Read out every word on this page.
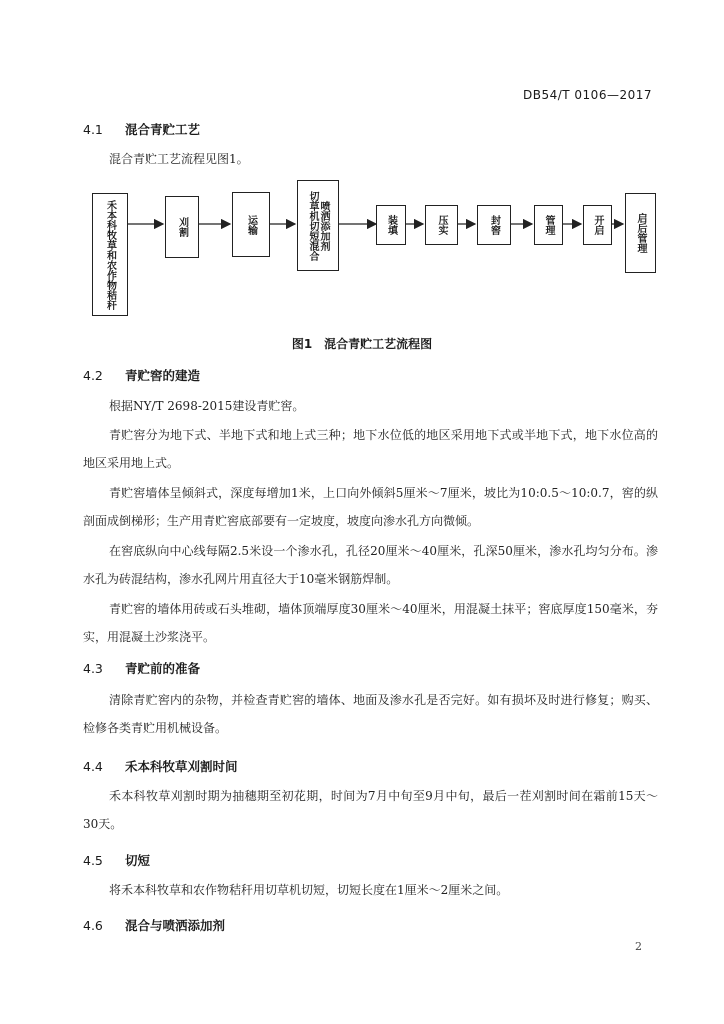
DB54/T 0106—2017
4.1 混合青贮工艺
混合青贮工艺流程见图1。
禾本科牧草和农作物秸秆	刈割	运输	切草机切短混合 喷洒添加剂	装填	压实	封窖	管理	开启	启后管理
图1　混合青贮工艺流程图
4.2 青贮窖的建造
根据NY/T 2698-2015建设青贮窖。
青贮窖分为地下式、半地下式和地上式三种；地下水位低的地区采用地下式或半地下式，地下水位高的地区采用地上式。
青贮窖墙体呈倾斜式，深度每增加1米，上口向外倾斜5厘米～7厘米，坡比为10:0.5～10:0.7，窖的纵剖面成倒梯形；生产用青贮窖底部要有一定坡度，坡度向渗水孔方向微倾。
在窖底纵向中心线每隔2.5米设一个渗水孔，孔径20厘米～40厘米，孔深50厘米，渗水孔均匀分布。渗水孔为砖混结构，渗水孔网片用直径大于10毫米钢筋焊制。
青贮窖的墙体用砖或石头堆砌，墙体顶端厚度30厘米～40厘米，用混凝土抹平；窖底厚度150毫米，夯实，用混凝土沙浆浇平。
4.3 青贮前的准备
清除青贮窖内的杂物，并检查青贮窖的墙体、地面及渗水孔是否完好。如有损坏及时进行修复；购买、检修各类青贮用机械设备。
4.4 禾本科牧草刈割时间
禾本科牧草刈割时期为抽穗期至初花期，时间为7月中旬至9月中旬，最后一茬刈割时间在霜前15天～30天。
4.5 切短
将禾本科牧草和农作物秸秆用切草机切短，切短长度在1厘米～2厘米之间。
4.6 混合与喷洒添加剂
2
